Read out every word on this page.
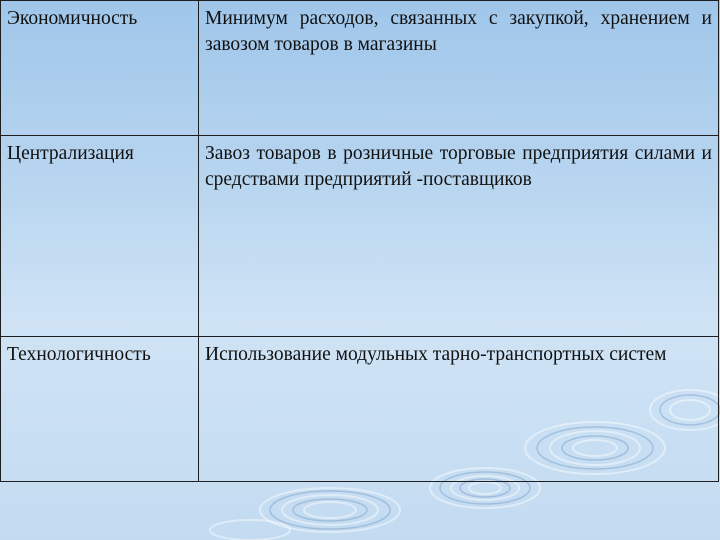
Экономичность	Минимум расходов, связанных с закупкой, хранением и завозом товаров в магазины
Централизация	Завоз товаров в розничные торговые предприятия силами и средствами предприятий -поставщиков
Технологичность	Использование модульных тарно-транспортных систем
